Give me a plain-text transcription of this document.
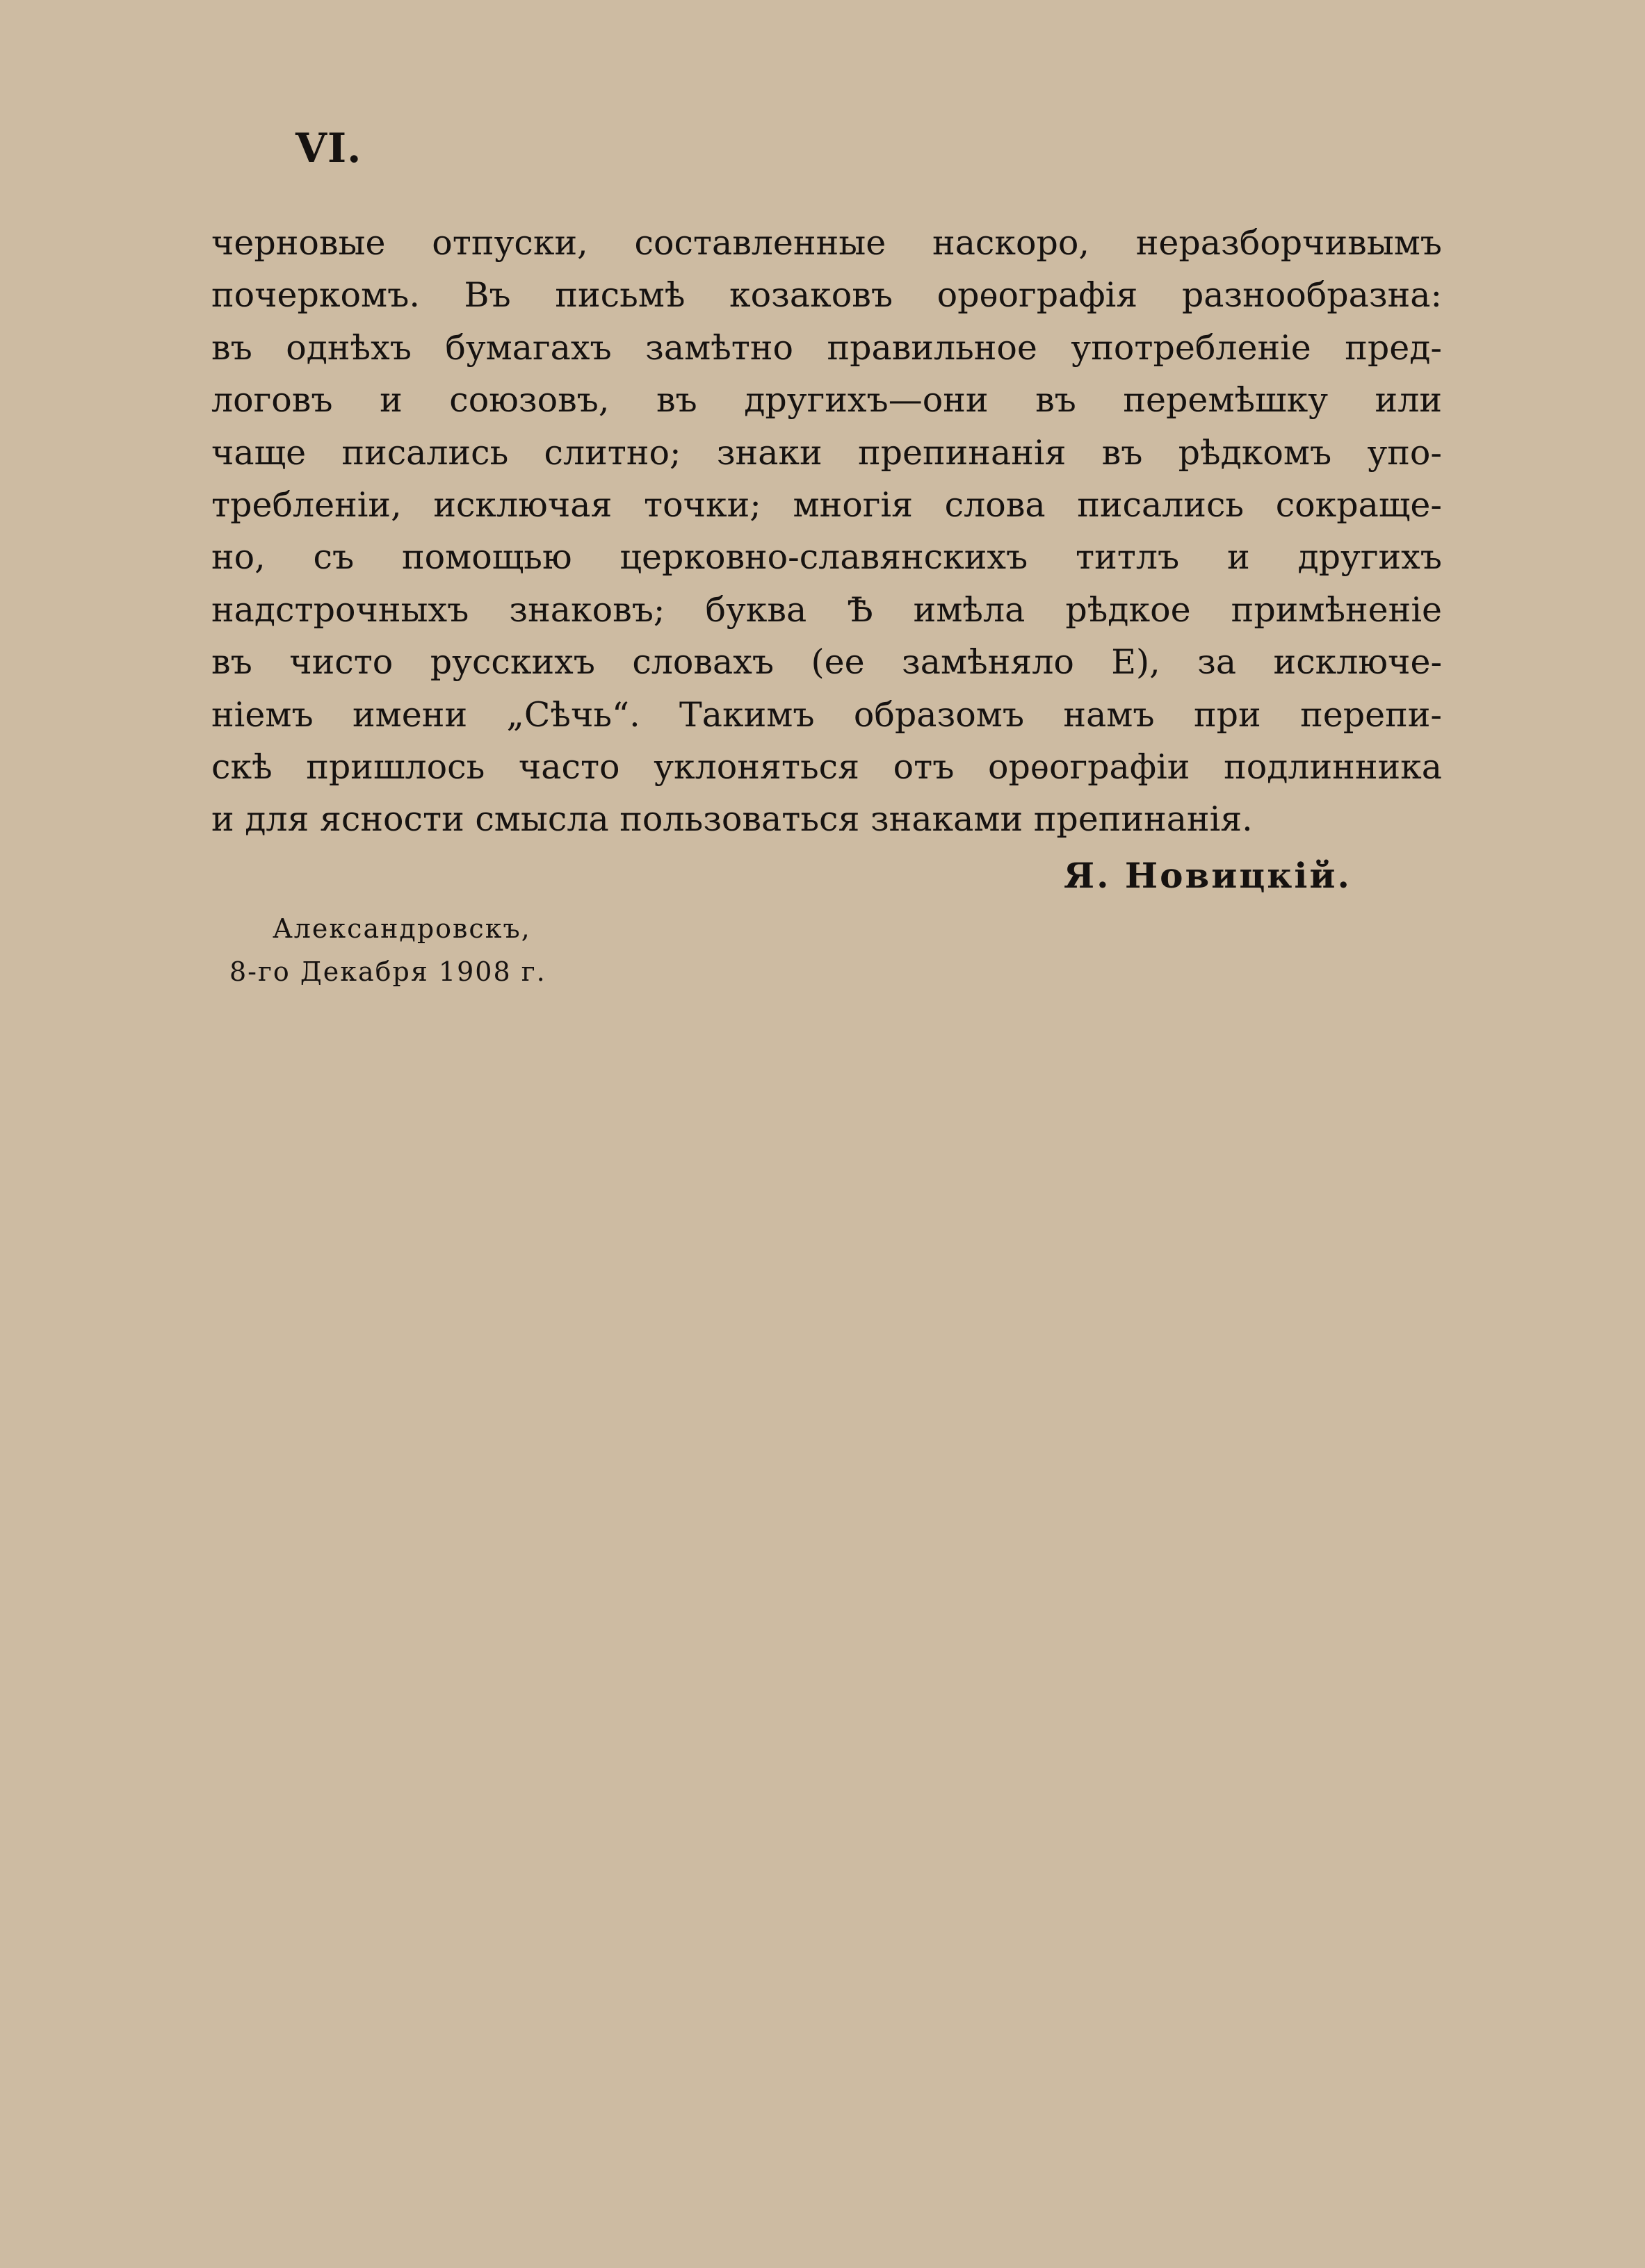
VI.
черновые отпуски, составленные наскоро, неразборчивымъ
почеркомъ. Въ письмѣ козаковъ орѳографія разнообразна:
въ однѣхъ бумагахъ замѣтно правильное употребленіе пред-
логовъ и союзовъ, въ другихъ—они въ перемѣшку или
чаще писались слитно; знаки препинанія въ рѣдкомъ упо-
требленіи, исключая точки; многія слова писались сокраще-
но, съ помощью церковно-славянскихъ титлъ и другихъ
надстрочныхъ знаковъ; буква Ѣ имѣла рѣдкое примѣненіе
въ чисто русскихъ словахъ (ее замѣняло Е), за исключе-
ніемъ имени „Сѣчь“. Такимъ образомъ намъ при перепи-
скѣ пришлось часто уклоняться отъ орѳографіи подлинника
и для ясности смысла пользоваться знаками препинанія.
Я. Новицкій.
Александровскъ,
8-го Декабря 1908 г.
